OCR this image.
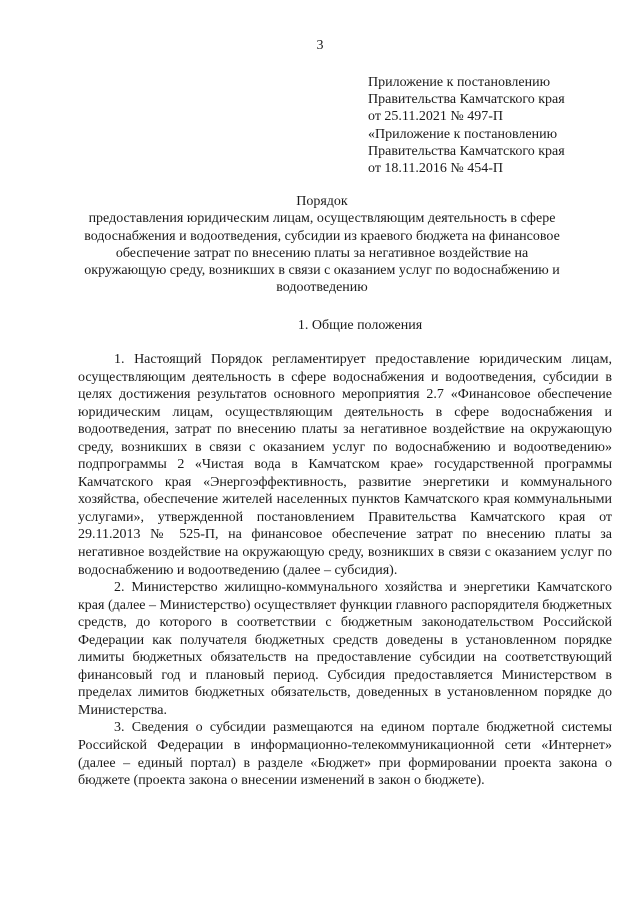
3
Приложение к постановлению
Правительства Камчатского края
от 25.11.2021 № 497-П
«Приложение к постановлению
Правительства Камчатского края
от 18.11.2016 № 454-П
Порядок
предоставления юридическим лицам, осуществляющим деятельность в сфере
водоснабжения и водоотведения, субсидии из краевого бюджета на финансовое
обеспечение затрат по внесению платы за негативное воздействие на
окружающую среду, возникших в связи с оказанием услуг по водоснабжению и
водоотведению
1. Общие положения

1. Настоящий Порядок регламентирует предоставление юридическим лицам, осуществляющим деятельность в сфере водоснабжения и водоотведения, субсидии в целях достижения результатов основного мероприятия 2.7 «Финансовое обеспечение юридическим лицам, осуществляющим деятельность в сфере водоснабжения и водоотведения, затрат по внесению платы за негативное воздействие на окружающую среду, возникших в связи с оказанием услуг по водоснабжению и водоотведению» подпрограммы 2 «Чистая вода в Камчатском крае» государственной программы Камчатского края «Энергоэффективность, развитие энергетики и коммунального хозяйства, обеспечение жителей населенных пунктов Камчатского края коммунальными услугами», утвержденной постановлением Правительства Камчатского края от 29.11.2013 № 525-П, на финансовое обеспечение затрат по внесению платы за негативное воздействие на окружающую среду, возникших в связи с оказанием услуг по водоснабжению и водоотведению (далее – субсидия).

2. Министерство жилищно-коммунального хозяйства и энергетики Камчатского края (далее – Министерство) осуществляет функции главного распорядителя бюджетных средств, до которого в соответствии с бюджетным законодательством Российской Федерации как получателя бюджетных средств доведены в установленном порядке лимиты бюджетных обязательств на предоставление субсидии на соответствующий финансовый год и плановый период. Субсидия предоставляется Министерством в пределах лимитов бюджетных обязательств, доведенных в установленном порядке до Министерства.

3. Сведения о субсидии размещаются на едином портале бюджетной системы Российской Федерации в информационно-телекоммуникационной сети «Интернет» (далее – единый портал) в разделе «Бюджет» при формировании проекта закона о бюджете (проекта закона о внесении изменений в закон о бюджете).
